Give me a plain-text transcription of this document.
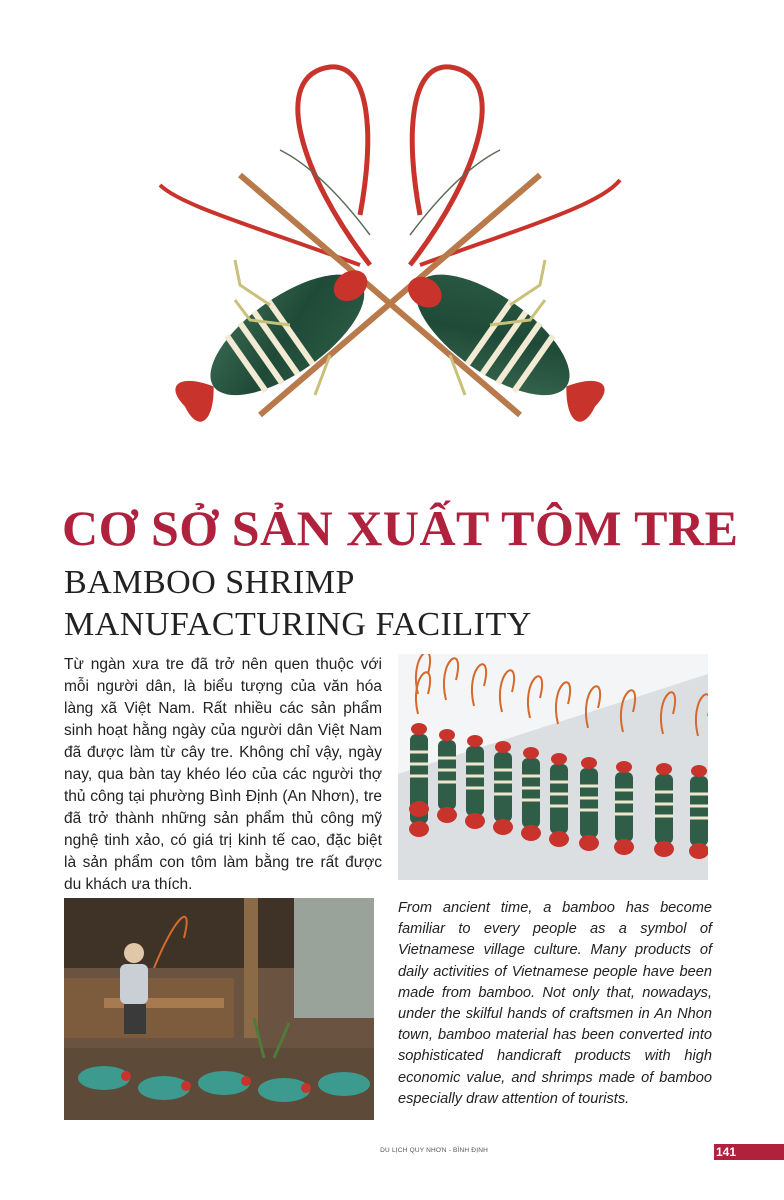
CƠ SỞ SẢN XUẤT TÔM TRE
BAMBOO SHRIMP
MANUFACTURING FACILITY

Từ ngàn xưa tre đã trở nên quen thuộc với mỗi người dân, là biểu tượng của văn hóa làng xã Việt Nam. Rất nhiều các sản phẩm sinh hoạt hằng ngày của người dân Việt Nam đã được làm từ cây tre. Không chỉ vậy, ngày nay, qua bàn tay khéo léo của các người thợ thủ công tại phường Bình Định (An Nhơn), tre đã trở thành những sản phẩm thủ công mỹ nghệ tinh xảo, có giá trị kinh tế cao, đặc biệt là sản phẩm con tôm làm bằng tre rất được du khách ưa thích.

From ancient time, a bamboo has become familiar to every people as a symbol of Vietnamese village culture. Many products of daily activities of Vietnamese people have been made from bamboo. Not only that, nowadays, under the skilful hands of craftsmen in An Nhon town, bamboo material has been converted into sophisticated handicraft products with high economic value, and shrimps made of bamboo especially draw attention of tourists.

DU LỊCH QUY NHƠN - BÌNH ĐỊNH	141
